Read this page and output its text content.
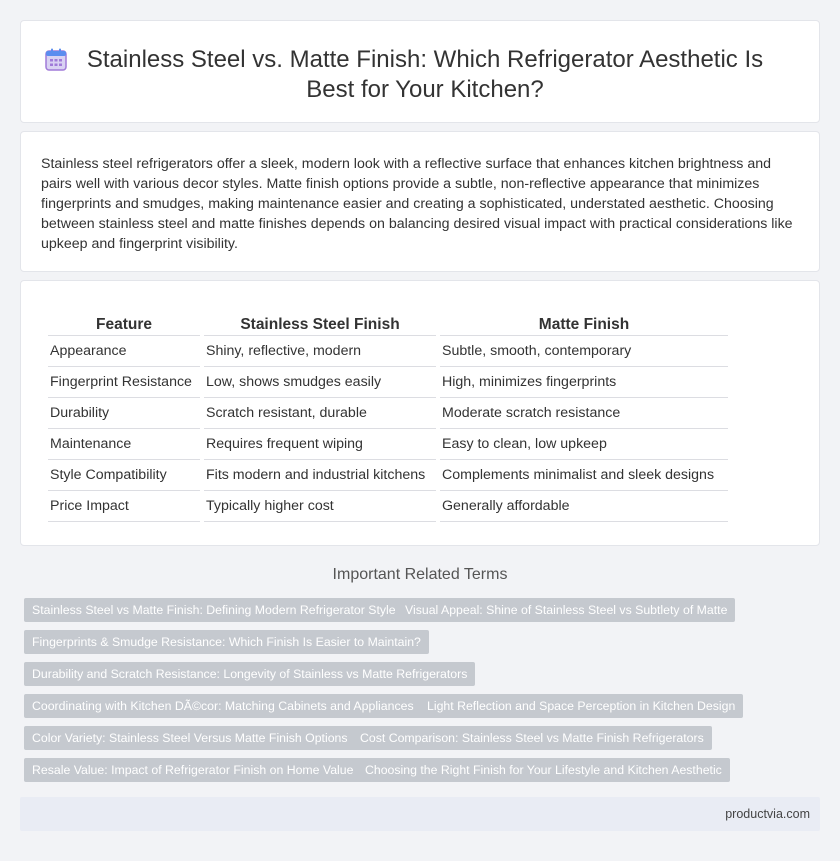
Stainless Steel vs. Matte Finish: Which Refrigerator Aesthetic Is Best for Your Kitchen?

Stainless steel refrigerators offer a sleek, modern look with a reflective surface that enhances kitchen brightness and pairs well with various decor styles. Matte finish options provide a subtle, non-reflective appearance that minimizes fingerprints and smudges, making maintenance easier and creating a sophisticated, understated aesthetic. Choosing between stainless steel and matte finishes depends on balancing desired visual impact with practical considerations like upkeep and fingerprint visibility.

Feature	Stainless Steel Finish	Matte Finish
Appearance	Shiny, reflective, modern	Subtle, smooth, contemporary
Fingerprint Resistance	Low, shows smudges easily	High, minimizes fingerprints
Durability	Scratch resistant, durable	Moderate scratch resistance
Maintenance	Requires frequent wiping	Easy to clean, low upkeep
Style Compatibility	Fits modern and industrial kitchens	Complements minimalist and sleek designs
Price Impact	Typically higher cost	Generally affordable
Important Related Terms
Stainless Steel vs Matte Finish: Defining Modern Refrigerator Style Visual Appeal: Shine of Stainless Steel vs Subtlety of Matte
Fingerprints & Smudge Resistance: Which Finish Is Easier to Maintain?
Durability and Scratch Resistance: Longevity of Stainless vs Matte Refrigerators
Coordinating with Kitchen DÃ©cor: Matching Cabinets and Appliances	Light Reflection and Space Perception in Kitchen Design
Color Variety: Stainless Steel Versus Matte Finish Options	Cost Comparison: Stainless Steel vs Matte Finish Refrigerators
Resale Value: Impact of Refrigerator Finish on Home Value Choosing the Right Finish for Your Lifestyle and Kitchen Aesthetic
productvia.com
